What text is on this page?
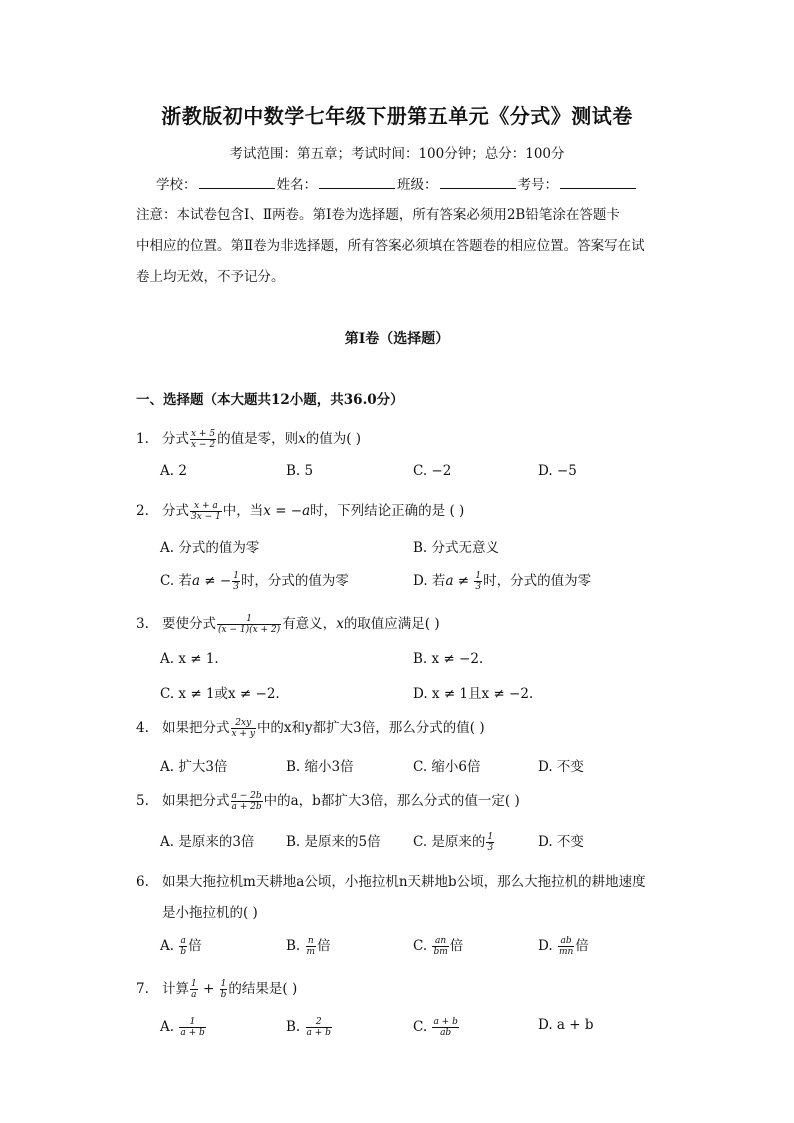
浙教版初中数学七年级下册第五单元《分式》测试卷
考试范围：第五章；考试时间：100分钟；总分：100分
学校：	姓名：	班级：	考号：
注意：本试卷包含Ⅰ、Ⅱ两卷。第Ⅰ卷为选择题，所有答案必须用2B铅笔涂在答题卡
中相应的位置。第Ⅱ卷为非选择题，所有答案必须填在答题卷的相应位置。答案写在试
卷上均无效，不予记分。
第Ⅰ卷（选择题）
一、选择题（本大题共12小题，共36.0分）
1. 分式 $\frac{x + 5}{x - 2}$ 的值是零，则x的值为( )
A. 2	B. 5	C. −2	D. −5
2. 分式 $\frac{x + a}{3x - 1}$ 中，当x = −a时，下列结论正确的是 ( )
A. 分式的值为零	B. 分式无意义
C. 若a ≠ − $\frac{1}{3}$ 时，分式的值为零	D. 若$a \ne \frac{1}{3}$ 时，分式的值为零
3. 要使分式 $\frac{1}{(x - 1)(x + 2)}$ 有意义，x的取值应满足( )
A. x ≠ 1.	B. x ≠ −2.
C. x ≠ 1或x ≠ −2.	D. x ≠ 1且x ≠ −2.
4. 如果把分式 $\frac{2xy}{x + y}$ 中的x和y都扩大3倍，那么分式的值( )
A. 扩大3倍	B. 缩小3倍	C. 缩小6倍	D. 不变
5. 如果把分式 $\frac{a - 2b}{a + 2b}$ 中的a，b都扩大3倍，那么分式的值一定( )
A. 是原来的3倍 B. 是原来的5倍 C. 是原来的 $\frac{1}{3}$	D. 不变
6. 如果大拖拉机m天耕地a公顷，小拖拉机n天耕地b公顷，那么大拖拉机的耕地速度
是小拖拉机的( )
A. $\frac{a}{b}$ 倍	B. $\frac{n}{m}$ 倍	C. $\frac{an}{bm}$ 倍	D. $\frac{ab}{mn}$ 倍
7. 计算 $\frac{1}{a} + \frac{1}{b}$ 的结果是( )
A. $\frac{1}{a + b}$	B. $\frac{2}{a + b}$	C. $\frac{a + b}{ab}$	D. a + b
